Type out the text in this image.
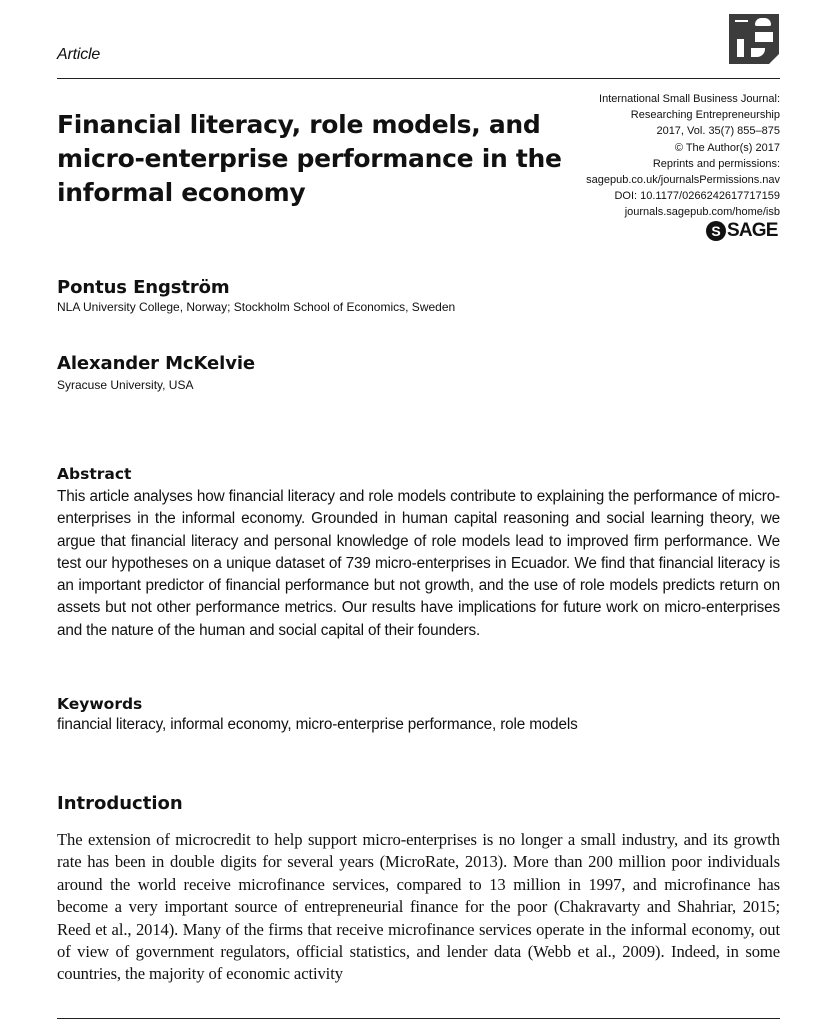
Article
Financial literacy, role models, and micro-enterprise performance in the informal economy
International Small Business Journal:
Researching Entrepreneurship
2017, Vol. 35(7) 855–875
© The Author(s) 2017
Reprints and permissions:
sagepub.co.uk/journalsPermissions.nav
DOI: 10.1177/0266242617717159
journals.sagepub.com/home/isb
S SAGE
Pontus Engström
NLA University College, Norway; Stockholm School of Economics, Sweden
Alexander McKelvie
Syracuse University, USA
Abstract

This article analyses how financial literacy and role models contribute to explaining the performance of micro-enterprises in the informal economy. Grounded in human capital reasoning and social learning theory, we argue that financial literacy and personal knowledge of role models lead to improved firm performance. We test our hypotheses on a unique dataset of 739 micro-enterprises in Ecuador. We find that financial literacy is an important predictor of financial performance but not growth, and the use of role models predicts return on assets but not other performance metrics. Our results have implications for future work on micro-enterprises and the nature of the human and social capital of their founders.

Keywords

financial literacy, informal economy, micro-enterprise performance, role models

Introduction

The extension of microcredit to help support micro-enterprises is no longer a small industry, and its growth rate has been in double digits for several years (MicroRate, 2013). More than 200 million poor individuals around the world receive microfinance services, compared to 13 million in 1997, and microfinance has become a very important source of entrepreneurial finance for the poor (Chakravarty and Shahriar, 2015; Reed et al., 2014). Many of the firms that receive microfinance services operate in the informal economy, out of view of government regulators, official statistics, and lender data (Webb et al., 2009). Indeed, in some countries, the majority of economic activity
